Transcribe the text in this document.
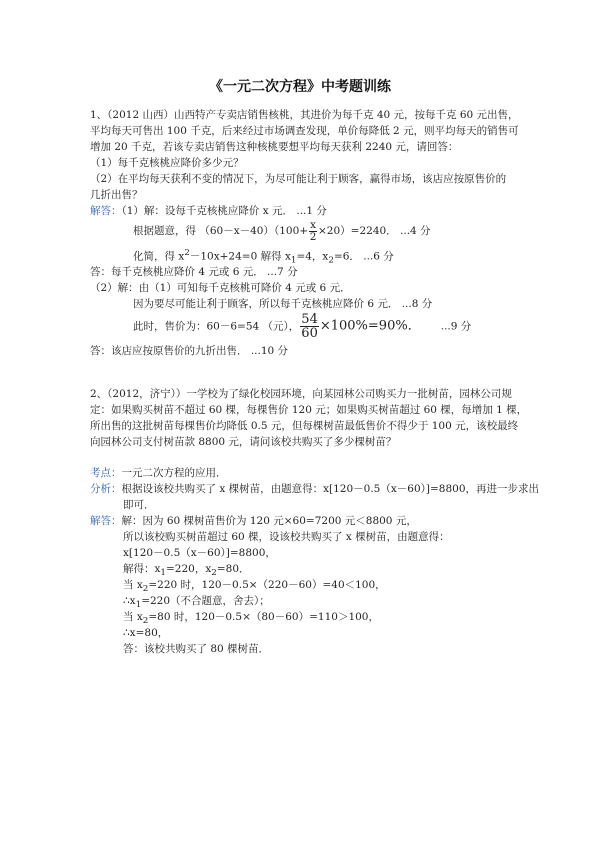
《一元二次方程》中考题训练
1、（2012 山西）山西特产专卖店销售核桃，其进价为每千克 40 元，按每千克 60 元出售，
平均每天可售出 100 千克，后来经过市场调查发现，单价每降低 2 元，则平均每天的销售可
增加 20 千克，若该专卖店销售这种核桃要想平均每天获利 2240 元，请回答：
（1）每千克核桃应降价多少元？
（2）在平均每天获利不变的情况下，为尽可能让利于顾客，赢得市场，该店应按原售价的
几折出售？
解答：（1）解：设每千克核桃应降价 x 元． ...1 分
根据题意，得 $(60-x-40)(100+ \frac{x}{2} \times 20)=2240$． ...4 分
化简，得 $x^2-10x+24=0$ 解得 $x_1=4$，$x_2=6$． ...6 分
答：每千克核桃应降价 4 元或 6 元． ...7 分
（2）解：由（1）可知每千克核桃可降价 4 元或 6 元．
因为要尽可能让利于顾客，所以每千克核桃应降价 6 元． ...8 分
此时，售价为：60－6=54 （元）， $\frac{54}{60} \times 100\%=90\%$． ...9 分
答：该店应按原售价的九折出售． ...10 分
2、（2012，济宁））一学校为了绿化校园环境，向某园林公司购买力一批树苗，园林公司规
定：如果购买树苗不超过 60 棵，每棵售价 120 元；如果购买树苗超过 60 棵，每增加 1 棵，
所出售的这批树苗每棵售价均降低 0.5 元，但每棵树苗最低售价不得少于 100 元，该校最终
向园林公司支付树苗款 8800 元，请问该校共购买了多少棵树苗？
考点：一元二次方程的应用．
分析：根据设该校共购买了 x 棵树苗，由题意得：x[120－0.5（x－60）]=8800，再进一步求出
即可．
解答：解：因为 60 棵树苗售价为 120 元×60=7200 元＜8800 元，
所以该校购买树苗超过 60 棵，设该校共购买了 x 棵树苗，由题意得：
x[120－0.5（x－60）]=8800，
解得：$x_1=220$，$x_2=80$．
当 $x_2=220$ 时，120－0.5×（220－60）=40＜100，
$\therefore x_1=220$（不合题意，舍去）；
当 $x_2=80$ 时，120－0.5×（80－60）=110＞100，
∴x=80，
答：该校共购买了 80 棵树苗．
